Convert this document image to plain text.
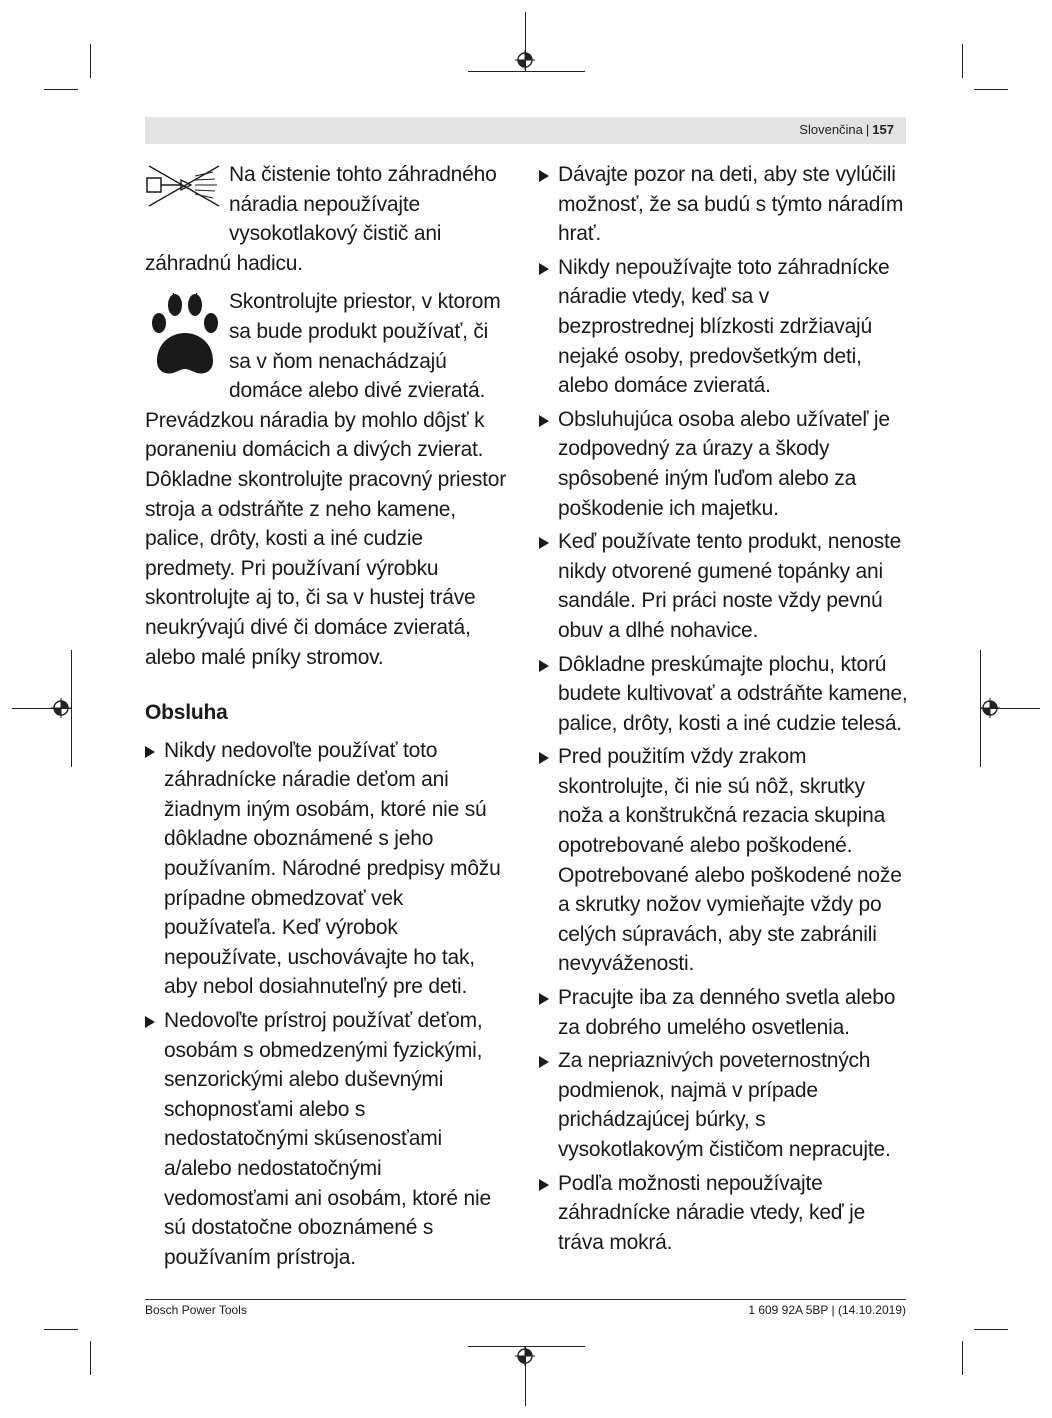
Slovenčina | 157

Na čistenie tohto záhradného náradia nepoužívajte vysokotlakový čistič ani záhradnú hadicu.

Skontrolujte priestor, v ktorom sa bude produkt používať, či sa v ňom nenachádzajú domáce alebo divé zvieratá. Prevádzkou náradia by mohlo dôjsť k poraneniu domácich a divých zvierat. Dôkladne skontrolujte pracovný priestor stroja a odstráňte z neho kamene, palice, drôty, kosti a iné cudzie predmety. Pri používaní výrobku skontrolujte aj to, či sa v hustej tráve neukrývajú divé či domáce zvieratá, alebo malé pníky stromov.

Obsluha
Nikdy nedovoľte používať toto záhradnícke náradie deťom ani žiadnym iným osobám, ktoré nie sú dôkladne oboznámené s jeho používaním. Národné predpisy môžu prípadne obmedzovať vek používateľa. Keď výrobok nepoužívate, uschovávajte ho tak, aby nebol dosiahnuteľný pre deti.
Nedovoľte prístroj používať deťom, osobám s obmedzenými fyzickými, senzorickými alebo duševnými schopnosťami alebo s nedostatočnými skúsenosťami a/alebo nedostatočnými vedomosťami ani osobám, ktoré nie sú dostatočne oboznámené s používaním prístroja.
Dávajte pozor na deti, aby ste vylúčili možnosť, že sa budú s týmto náradím hrať.
Nikdy nepoužívajte toto záhradnícke náradie vtedy, keď sa v bezprostrednej blízkosti zdržiavajú nejaké osoby, predovšetkým deti, alebo domáce zvieratá.
Obsluhujúca osoba alebo užívateľ je zodpovedný za úrazy a škody spôsobené iným ľuďom alebo za poškodenie ich majetku.
Keď používate tento produkt, nenoste nikdy otvorené gumené topánky ani sandále. Pri práci noste vždy pevnú obuv a dlhé nohavice.
Dôkladne preskúmajte plochu, ktorú budete kultivovať a odstráňte kamene, palice, drôty, kosti a iné cudzie telesá.
Pred použitím vždy zrakom skontrolujte, či nie sú nôž, skrutky noža a konštrukčná rezacia skupina opotrebované alebo poškodené. Opotrebované alebo poškodené nože a skrutky nožov vymieňajte vždy po celých súpravách, aby ste zabránili nevyváženosti.
Pracujte iba za denného svetla alebo za dobrého umelého osvetlenia.
Za nepriaznivých poveternostných podmienok, najmä v prípade prichádzajúcej búrky, s vysokotlakovým čističom nepracujte.
Podľa možnosti nepoužívajte záhradnícke náradie vtedy, keď je tráva mokrá.
Bosch Power Tools	1 609 92A 5BP | (14.10.2019)
